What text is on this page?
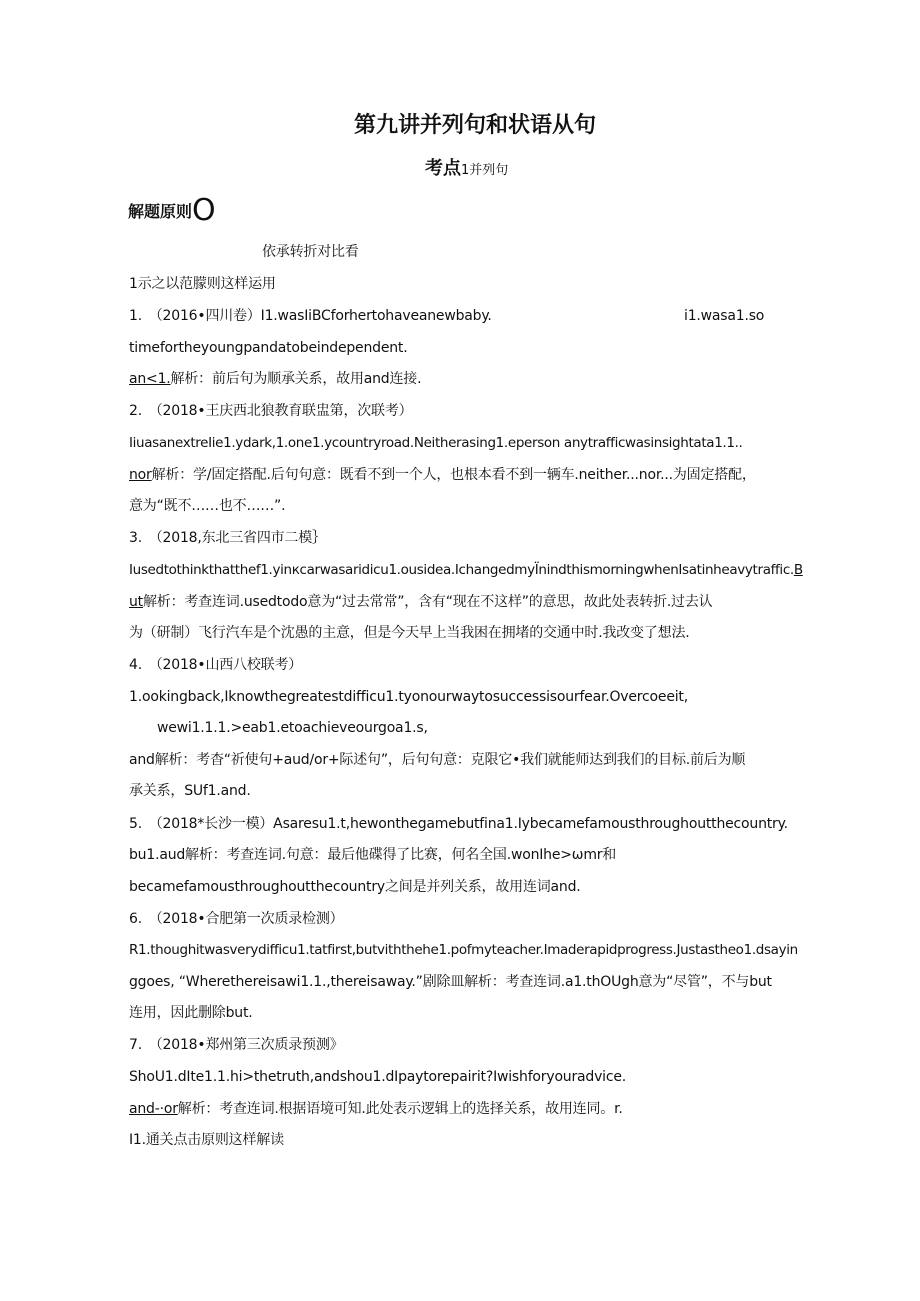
第九讲并列句和状语从句
考点1并列句
解题原则O
依承转折对比看
1示之以范朦则这样运用
1.　（2016•四川卷）I1.wasIiBCforhertohaveanewbaby.	i1.wasa1.so
timefortheyoungpandatobeindependent.
an<1.解析：前后句为顺承关系，故用and连接.
2.　（2018•王庆西北狼教育联盅第，次联考）
IiuasanextreIie1.ydark,1.one1.ycountryroad.Neitherasing1.eperson anytrafficwasinsightata1.1..
nor解析：学/固定搭配.后句句意：既看不到一个人，也根本看不到一辆车.neither...nor...为固定搭配，
意为“既不……也不……”.
3.　（2018,东北三省四市二模｝
Iusedtothinkthatthef1.yinкcarwasaridicu1.ousidea.IchangedmyÏnindthismorningwhenIsatinheavytraffic.B
ut解析：考查连词.usedtodo意为“过去常常”，含有“现在不这样”的意思，故此处表转折.过去认
为（研制）飞行汽车是个沈愚的主意，但是今天早上当我困在拥堵的交通中时.我改变了想法.
4.　（2018•山西八校联考）
1.ookingback,Iknowthegreatestdifficu1.tyonourwaytosuccessisourfear.Overcoeeit,
wewi1.1.1.>eab1.etoachieveourgoa1.s,
and解析：考杳“祈使句+aud∕or+际述句”，后句句意：克限它•我们就能师达到我们的目标.前后为顺
承关系，SUf1.and.
5.　（2018*长沙一模）Asaresu1.t,hewonthegamebutfina1.Iybecamefamousthroughoutthecountry.
bu1.aud解析：考查连词.句意：最后他碟得了比赛，何名全国.wonIhe>ωmr和
becamefamousthroughoutthecountry之间是并列关系，故用连词and.
6.　（2018•合肥第一次质录检测）
R1.thoughitwasverydifficu1.tatfirst,butviththehe1.pofmyteacher.Imaderapidprogress.Justastheo1.dsayin
ggoes, “Wherethereisawi1.1.,thereisaway.”剧除皿解析：考查连词.a1.thOUgh意为“尽管”，不与but
连用，因此删除but.
7.　（2018•郑州第三次质录预测》
ShoU1.dIte1.1.hi>thetruth,andshou1.dIpaytorepairit?Iwishforyouradvice.
and-·or解析：考查连词.根据语境可知.此处表示逻辑上的选择关系，故用连同。r.
I1.通关点击原则这样解读
